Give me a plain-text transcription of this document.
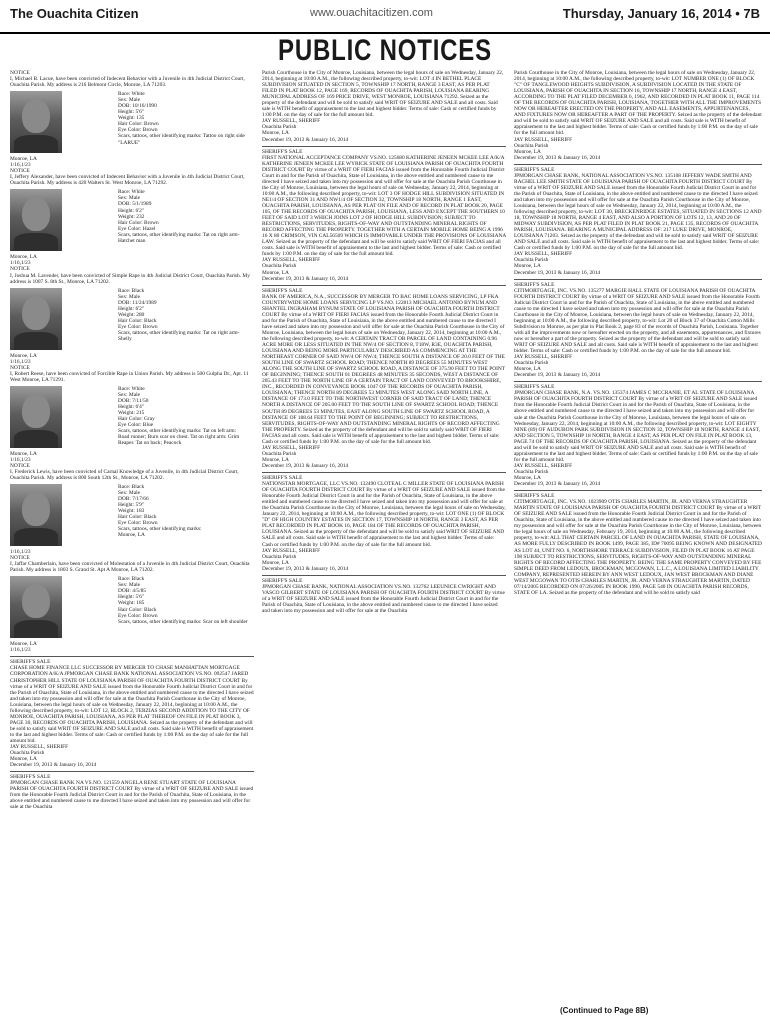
The Ouachita Citizen	www.ouachitacitizen.com	Thursday, January 16, 2014 • 7B
PUBLIC NOTICES

NOTICE

I, Michael B. Lacue, have been convicted of Indecent Behavior with a Juvenile in 4th Judicial District Court, Ouachita Parish. My address is 216 Belmont Circle, Monroe, LA 71203.

Race: White

Sex: Male

DOB: 10/16/1990

Height: 5'6"

Weight: 135

Hair Color: Brown

Eye Color: Brown

Scars, tattoos, other identifying marks: Tattoo on right side "LARUE"

Monroe, LA

1/16,1/23

NOTICE

I, Jeffery Alexander, have been convicted of Indecent Behavior with a Juvenile in 4th Judicial District Court, Ouachita Parish. My address is 420 Walters St. West Monroe, LA 71292.

Race: White

Sex: Male

DOB: 5/1/1989

Height: 6'2"

Weight: 232

Hair Color: Brown

Eye Color: Hazel

Scars, tattoos, other identifying marks: Tat on right arm- Hatchet man

Monroe, LA

1/16,1/23

NOTICE

I, Joshua M. Lavender, have been convicted of Simple Rape in 4th Judicial District Court, Ouachita Parish. My address is 1007 S. 8th St., Monroe, LA 71202.

Race: Black

Sex: Male

DOB: 11/24/1989

Height: 6'2"

Weight: 280

Hair Color: Black

Eye Color: Brown

Scars, tattoos, other identifying marks: Tat on right arm-Shelly

Monroe, LA

1/16,1/23

NOTICE

I, Robert Reese, have been convicted of Forcible Rape in Union Parish. My address is 500 Gulpha Dr., Apt. 11 West Monroe, LA 71291.

Race: White

Sex: Male

DOB: 7/11/50

Height: 6'4"

Weight: 215

Hair Color: Gray

Eye Color: Blue

Scars, tattoos, other identifying marks: Tat on left arm: Road runner; Burn scar on chest. Tat on right arm: Grim Reaper. Tat on back; Peacock

Monroe, LA

1/16,1/23

NOTICE

I, Frederick Lewis, have been convicted of Carnal Knowledge of a Juvenile, in 4th Judicial District Court, Ouachita Parish. My address is 800 South 12th St., Monroe, LA 71202.

Race: Black

Sex: Male

DOB: 7/17/66

Height: 5'9"

Weight: 183

Hair Color: Black

Eye Color: Brown

Scars, tattoos, other identifying marks:

Monroe, LA

1/16,1/23

NOTICE

I, Jaffar Chamberlain, have been convicted of Molestation of a Juvenile in 4th Judicial District Court, Ouachita Parish. My address is 1803 S. Grand St. Apt A Monroe, LA 71202.

Race: Black

Sex: Male

DOB: 4/5/85

Height: 5'6"

Weight: 185

Hair Color: Black

Eye Color: Brown

Scars, tattoos, other identifying marks: Scar on left shoulder

Monroe, LA

1/16,1/23

SHERIFF'S SALE

CHASE HOME FINANCE LLC SUCCESSOR BY MERGER TO CHASE MANHATTAN MORTGAGE CORPORATION A/K/A JPMORGAN CHASE BANK NATIONAL ASSOCIATION VS.NO. 092547 JARED CHRISTOPHER HILL STATE OF LOUISIANA PARISH OF OUACHITA FOURTH DISTRICT COURT By virtue of a WRIT OF SEIZURE AND SALE issued from the Honorable Fourth Judicial District Court in and for the Parish of Ouachita, State of Louisiana, in the above entitled and numbered cause to me directed I have seized and taken into my possession and will offer for sale at the Ouachita Parish Courthouse in the City of Monroe, Louisiana, between the legal hours of sale on Wednesday, January 22, 2014, beginning at 10:00 A.M., the following described property, to-wit: LOT 12, BLOCK 2, TERZIAS SECOND ADDITION TO THE CITY OF MONROE, OUACHITA PARISH, LOUISIANA, AS PER PLAT THEREOF ON FILE IN PLAT BOOK 3, PAGE 30, RECORDS OF OUACHITA PARISH, LOUISIANA. Seized as the property of the defendant and will be sold to satisfy said WRIT OF SEIZURE AND SALE and all costs. Said sale is WITH benefit of appraisement to the last and highest bidder. Terms of sale: Cash or certified funds by 1:00 P.M. on the day of sale for the full amount bid.

JAY RUSSELL, SHERIFF

Ouachita Parish

Monroe, LA

December 19, 2013 & January 16, 2014

SHERIFF'S SALE

JPMORGAN CHASE BANK NA VS.NO. 121559 ANGELA RENE STUART STATE OF LOUISIANA PARISH OF OUACHITA FOURTH DISTRICT COURT By virtue of a WRIT OF SEIZURE AND SALE issued from the Honorable Fourth Judicial District Court in and for the Parish of Ouachita, State of Louisiana, in the above entitled and numbered cause to me directed I have seized and taken into my possession and will offer for sale at the Ouachita

Parish Courthouse in the City of Monroe, Louisiana, between the legal hours of sale on Wednesday, January 22, 2014, beginning at 10:00 A.M., the following described property, to-wit: LOT 4 IN BETHEL PLACE SUBDIVISION SITUATED IN SECTION 5, TOWNSHIP 17 NORTH, RANGE 3 EAST, AS PER PLAT FILED IN PLAT BOOK 12, PAGE 169, RECORDS OF OUACHITA PARISH, LOUISIANA BEARING MUNICIPAL ADDRESS OF 169 PRICE DRIVE, WEST MONROE, LOUISIANA 71292. Seized as the property of the defendant and will be sold to satisfy said WRIT OF SEIZURE AND SALE and all costs. Said sale is WITH benefit of appraisement to the last and highest bidder. Terms of sale: Cash or certified funds by 1:00 P.M. on the day of sale for the full amount bid.

JAY RUSSELL, SHERIFF

Ouachita Parish

Monroe, LA

December 19, 2013 & January 16, 2014

SHERIFF'S SALE

FIRST NATIONAL ACCEPTANCE COMPANY VS.NO. 125680 KATHERINE JENEEN MCKEE LEE A/K/A KATHERINE JENEEN MCKEE LEE WYRICK STATE OF LOUISIANA PARISH OF OUACHITA FOURTH DISTRICT COURT By virtue of a WRIT OF FIERI FACIAS issued from the Honorable Fourth Judicial District Court in and for the Parish of Ouachita, State of Louisiana, in the above entitled and numbered cause to me directed I have seized and taken into my possession and will offer for sale at the Ouachita Parish Courthouse in the City of Monroe, Louisiana, between the legal hours of sale on Wednesday, January 22, 2014, beginning at 10:00 A.M., the following described property, to-wit: LOT 3 OF HODGE HILL SUBDIVISION SITUATED IN NE1/4 OF SECTION 31 AND NW1/4 OF SECTION 32, TOWNSHIP 18 NORTH, RANGE 1 EAST, OUACHITA PARISH, LOUISIANA, AS PER PLAT ON FILE AND OF RECORD IN PLAT BOOK 20, PAGE 105, OF THE RECORDS OF OUACHITA PARISH, LOUISIANA, LESS AND EXCEPT THE SOUTHERN 10 FEET OF SAID LOT 3 WHICH JOINS LOT 2 OF HODGE HILL SUBDIVISION; SUBJECT TO RESTRICTIONS, SERVITUDES, RIGHTS-OF-WAY AND OUTSTANDING MINERAL RIGHTS OF RECORD AFFECTING THE PROPERTY. TOGETHER WITH A CERTAIN MOBILE HOME BEING A 1996 16 X 80 CRIMSON, VIN CAL56509 WHICH IS IMMOVABLE UNDER THE PROVISIONS OF LOUISIANA LAW. Seized as the property of the defendant and will be sold to satisfy said WRIT OF FIERI FACIAS and all costs. Said sale is WITH benefit of appraisement to the last and highest bidder. Terms of sale: Cash or certified funds by 1:00 P.M. on the day of sale for the full amount bid.

JAY RUSSELL, SHERIFF

Ouachita Parish

Monroe, LA

December 19, 2013 & January 16, 2014

SHERIFF'S SALE

BANK OF AMERICA, N.A., SUCCESSOR BY MERGER TO BAC HOME LOANS SERVICING, LP FKA COUNTRYWIDE HOME LOANS SERVICING LP VS.NO. 122813 MICHAEL ANTONIO BYNUM AND SHANTEL INGRAHAM BYNUM STATE OF LOUISIANA PARISH OF OUACHITA FOURTH DISTRICT COURT By virtue of a WRIT OF FIERI FACIAS issued from the Honorable Fourth Judicial District Court in and for the Parish of Ouachita, State of Louisiana, in the above entitled and numbered cause to me directed I have seized and taken into my possession and will offer for sale at the Ouachita Parish Courthouse in the City of Monroe, Louisiana, between the legal hours of sale on Wednesday, January 22, 2014, beginning at 10:00 A.M., the following described property, to-wit: A CERTAIN TRACT OR PARCEL OF LAND CONTAINING 0.96 ACRE MORE OR LESS SITUATED IN THE NW/4 OF SECTION 8, T18W, R3E, OUACHITA PARISH, LOUISIANA AND BEING MORE PARTICULARLY DESCRIBED AS COMMENCING AT THE NORTHEAST CORNER OF SAID NW/4 OF NW/4; THENCE SOUTH A DISTANCE OF 20.0 FEET OF THE SOUTH LINE OF SWARTZ SCHOOL ROAD; THENCE NORTH 89 DEGREES 55 MINUTES WEST ALONG THE SOUTH LINE OF SWARTZ SCHOOL ROAD, A DISTANCE OF 375.90 FEET TO THE POINT OF BEGINNING; THENCE SOUTH 01 DEGREES 48 MINUTES 35 SECONDS, WEST A DISTANCE OF 205.43 FEET TO THE NORTH LINE OF A CERTAIN TRACT OF LAND CONVEYED TO BROOKSHIRE, INC., RECORDED IN CONVEYANCE BOOK 1047 OF THE RECORDS OF OUACHITA PARISH, LOUISIANA; THENCE NORTH 89 DEGREES 53 MINUTES WEST ALONG SAID NORTH LINE, A DISTANCE OF 173.0 FEET TO THE NORTHWEST CORNER OF SAID TRACT OF LAND; THENCE NORTH A DISTANCE OF 205.00 FEET TO THE SOUTH LINE OF SWARTZ SCHOOL ROAD; THENCE SOUTH 89 DEGREES 53 MINUTES, EAST ALONG SOUTH LINE OF SWARTZ SCHOOL ROAD, A DISTANCE OF 188.64 FEET TO THE POINT OF BEGINNING; SUBJECT TO RESTRICTIONS, SERVITUDES, RIGHTS-OF-WAY AND OUTSTANDING MINERAL RIGHTS OF RECORD AFFECTING THE PROPERTY. Seized as the property of the defendant and will be sold to satisfy said WRIT OF FIERI FACIAS and all costs. Said sale is WITH benefit of appraisement to the last and highest bidder. Terms of sale: Cash or certified funds by 1:00 P.M. on the day of sale for the full amount bid.

JAY RUSSELL, SHERIFF

Ouachita Parish

Monroe, LA

December 19, 2013 & January 16, 2014

SHERIFF'S SALE

NATIONSTAR MORTGAGE, LLC VS.NO. 132490 CLOTEAL C MILLER STATE OF LOUISIANA PARISH OF OUACHITA FOURTH DISTRICT COURT By virtue of a WRIT OF SEIZURE AND SALE issued from the Honorable Fourth Judicial District Court in and for the Parish of Ouachita, State of Louisiana, in the above entitled and numbered cause to me directed I have seized and taken into my possession and will offer for sale at the Ouachita Parish Courthouse in the City of Monroe, Louisiana, between the legal hours of sale on Wednesday, January 22, 2014, beginning at 10:00 A.M., the following described property, to-wit: LOT ONE (1) OF BLOCK "D" OF HIGH COUNTRY ESTATES IN SECTION 17, TOWNSHIP 18 NORTH, RANGE 3 EAST, AS PER PLAT RECORDED IN PLAT BOOK 16, PAGE 184 OF THE RECORDS OF OUACHITA PARISH, LOUISIANA. Seized as the property of the defendant and will be sold to satisfy said WRIT OF SEIZURE AND SALE and all costs. Said sale is WITH benefit of appraisement to the last and highest bidder. Terms of sale: Cash or certified funds by 1:00 P.M. on the day of sale for the full amount bid.

JAY RUSSELL, SHERIFF

Ouachita Parish

Monroe, LA

December 19, 2013 & January 16, 2014

SHERIFF'S SALE

JPMORGAN CHASE BANK, NATIONAL ASSOCIATION VS.NO. 132762 LEEUNICE CWRIGHT AND VASCO GILBERT STATE OF LOUISIANA PARISH OF OUACHITA FOURTH DISTRICT COURT By virtue of a WRIT OF SEIZURE AND SALE issued from the Honorable Fourth Judicial District Court in and for the Parish of Ouachita, State of Louisiana, in the above entitled and numbered cause to me directed I have seized and taken into my possession and will offer for sale at the Ouachita

Parish Courthouse in the City of Monroe, Louisiana, between the legal hours of sale on Wednesday, January 22, 2014, beginning at 10:00 A.M., the following described property, to-wit: LOT NUMBER ONE (1) OF BLOCK "C" OF TANGLEWOOD HEIGHTS SUBDIVISION, A SUBDIVISION LOCATED IN THE STATE OF LOUISIANA, PARISH OF OUACHITA IN SECTION 16, TOWNSHIP 17 NORTH, RANGE 4 EAST, ACCORDING TO THE PLAT FILED DECEMBER 6, 1962, AND RECORDED IN PLAT BOOK 11, PAGE 114 OF THE RECORDS OF OUACHITA PARISH, LOUISIANA, TOGETHER WITH ALL THE IMPROVEMENTS NOW OR HEREAFTER ERECTED ON THE PROPERTY, AND ALL EASEMENTS, APPURTENANCES, AND FIXTURES NOW OR HEREAFTER A PART OF THE PROPERTY. Seized as the property of the defendant and will be sold to satisfy said WRIT OF SEIZURE AND SALE and all costs. Said sale is WITH benefit of appraisement to the last and highest bidder. Terms of sale: Cash or certified funds by 1:00 P.M. on the day of sale for the full amount bid.

JAY RUSSELL, SHERIFF

Ouachita Parish

Monroe, LA

December 19, 2013 & January 16, 2014

SHERIFF'S SALE

JPMORGAN CHASE BANK, NATIONAL ASSOCIATION VS.NO. 135108 JEFFERY WADE SMITH AND RACHEL LEE SMITH STATE OF LOUISIANA PARISH OF OUACHITA FOURTH DISTRICT COURT By virtue of a WRIT OF SEIZURE AND SALE issued from the Honorable Fourth Judicial District Court in and for the Parish of Ouachita, State of Louisiana, in the above entitled and numbered cause to me directed I have seized and taken into my possession and will offer for sale at the Ouachita Parish Courthouse in the City of Monroe, Louisiana, between the legal hours of sale on Wednesday, January 22, 2014, beginning at 10:00 A.M., the following described property, to-wit: LOT 30, BRECKENRIDGE ESTATES, SITUATED IN SECTIONS 12 AND 18, TOWNSHIP 18 NORTH, RANGE 4 EAST, AND ALSO A PORTION OF LOTS 12, 13, AND 20 OF MIDWAY SUBDIVISION, AS PER PLAT FILED IN PLAT BOOK 21, PAGE 135, RECORDS OF OUACHITA PARISH, LOUISIANA. BEARING A MUNICIPAL ADDRESS OF: 217 LUKE DRIVE, MONROE, LOUISIANA 71203. Seized as the property of the defendant and will be sold to satisfy said WRIT OF SEIZURE AND SALE and all costs. Said sale is WITH benefit of appraisement to the last and highest bidder. Terms of sale: Cash or certified funds by 1:00 P.M. on the day of sale for the full amount bid.

JAY RUSSELL, SHERIFF

Ouachita Parish

Monroe, LA

December 19, 2013 & January 16, 2014

SHERIFF'S SALE

CITIMORTGAGE, INC. VS.NO. 135277 MARGIE HALL STATE OF LOUISIANA PARISH OF OUACHITA FOURTH DISTRICT COURT By virtue of a WRIT OF SEIZURE AND SALE issued from the Honorable Fourth Judicial District Court in and for the Parish of Ouachita, State of Louisiana, in the above entitled and numbered cause to me directed I have seized and taken into my possession and will offer for sale at the Ouachita Parish Courthouse in the City of Monroe, Louisiana, between the legal hours of sale on Wednesday, January 22, 2014, beginning at 10:00 A.M., the following described property, to-wit: Lot 20 of Block 37 of Ouachita Cotton Mills Subdivision to Monroe, as per plat in Plat Book 2, page 83 of the records of Ouachita Parish, Louisiana. Together with all the improvements now or hereafter erected on the property, and all easements, appurtenances, and fixtures now or hereafter a part of the property. Seized as the property of the defendant and will be sold to satisfy said WRIT OF SEIZURE AND SALE and all costs. Said sale is WITH benefit of appraisement to the last and highest bidder. Terms of sale: Cash or certified funds by 1:00 P.M. on the day of sale for the full amount bid.

JAY RUSSELL, SHERIFF

Ouachita Parish

Monroe, LA

December 19, 2013 & January 16, 2014

SHERIFF'S SALE

JPMORGAN CHASE BANK, N.A. VS.NO. 135374 JAMES C MCCRANIE, ET AL STATE OF LOUISIANA PARISH OF OUACHITA FOURTH DISTRICT COURT By virtue of a WRIT OF SEIZURE AND SALE issued from the Honorable Fourth Judicial District Court in and for the Parish of Ouachita, State of Louisiana, in the above entitled and numbered cause to me directed I have seized and taken into my possession and will offer for sale at the Ouachita Parish Courthouse in the City of Monroe, Louisiana, between the legal hours of sale on Wednesday, January 22, 2014, beginning at 10:00 A.M., the following described property, to-wit: LOT EIGHTY NINE (89) OF AUDUBON PARK SUBDIVISION IN SECTION 32, TOWNSHIP 18 NORTH, RANGE 4 EAST, AND SECTION 5, TOWNSHIP 18 NORTH, RANGE 4 EAST, AS PER PLAT ON FILE IN PLAT BOOK 13, PAGE 74 OF THE RECORDS OF OUACHITA PARISH, LOUISIANA. Seized as the property of the defendant and will be sold to satisfy said WRIT OF SEIZURE AND SALE and all costs. Said sale is WITH benefit of appraisement to the last and highest bidder. Terms of sale: Cash or certified funds by 1:00 P.M. on the day of sale for the full amount bid.

JAY RUSSELL, SHERIFF

Ouachita Parish

Monroe, LA

December 19, 2013 & January 16, 2014

SHERIFF'S SALE

CITIMORTGAGE, INC. VS.NO. 1023909 OTIS CHARLES MARTIN, JR. AND VERNA STRAUGHTER MARTIN STATE OF LOUISIANA PARISH OF OUACHITA FOURTH DISTRICT COURT By virtue of a WRIT OF SEIZURE AND SALE issued from the Honorable Fourth Judicial District Court in and for the Parish of Ouachita, State of Louisiana, in the above entitled and numbered cause to me directed I have seized and taken into my possession and will offer for sale at the Ouachita Parish Courthouse in the City of Monroe, Louisiana, between the legal hours of sale on Wednesday, February 19, 2014, beginning at 10:00 A.M., the following described property, to-wit: ALL THAT CERTAIN PARCEL OF LAND IN OUACHITA PARISH, STATE OF LOUISIANA, AS MORE FULLY DESCRIBED IN BOOK 1499, PAGE 385, ID# 70095 BEING KNOWN AND DESIGNATED AS LOT 44, UNIT NO. 6, NORTHSHORE TERRACE SUBDIVISION, FILED IN PLAT BOOK 16 AT PAGE 198 SUBJECT TO RESTRICTIONS, SERVITUDES, RIGHTS-OF-WAY AND OUTSTANDING MINERAL RIGHTS OF RECORD AFFECTING THE PROPERTY. BEING THE SAME PROPERTY CONVEYED BY FEE SIMPLE DEED FROM LEDOUX, BROCKMAN, MCGOWAN, L.L.C., A LOUISIANA LIMITED LIABILITY COMPANY, REPRESENTED HEREIN BY ANN WEST LEDOUX, JAN WEST BROCKMAN AND DIANE WEST MCGOWAN TO OTIS CHARLES MARTIN, JR. AND VERNA STRAUGHTER MARTIN, DATED 07/14/2005 RECORDED ON 07/26/2005 IN BOOK 1990, PAGE 540 IN OUACHITA PARISH RECORDS, STATE OF LA. Seized as the property of the defendant and will be sold to satisfy said

(Continued to Page 8B)
